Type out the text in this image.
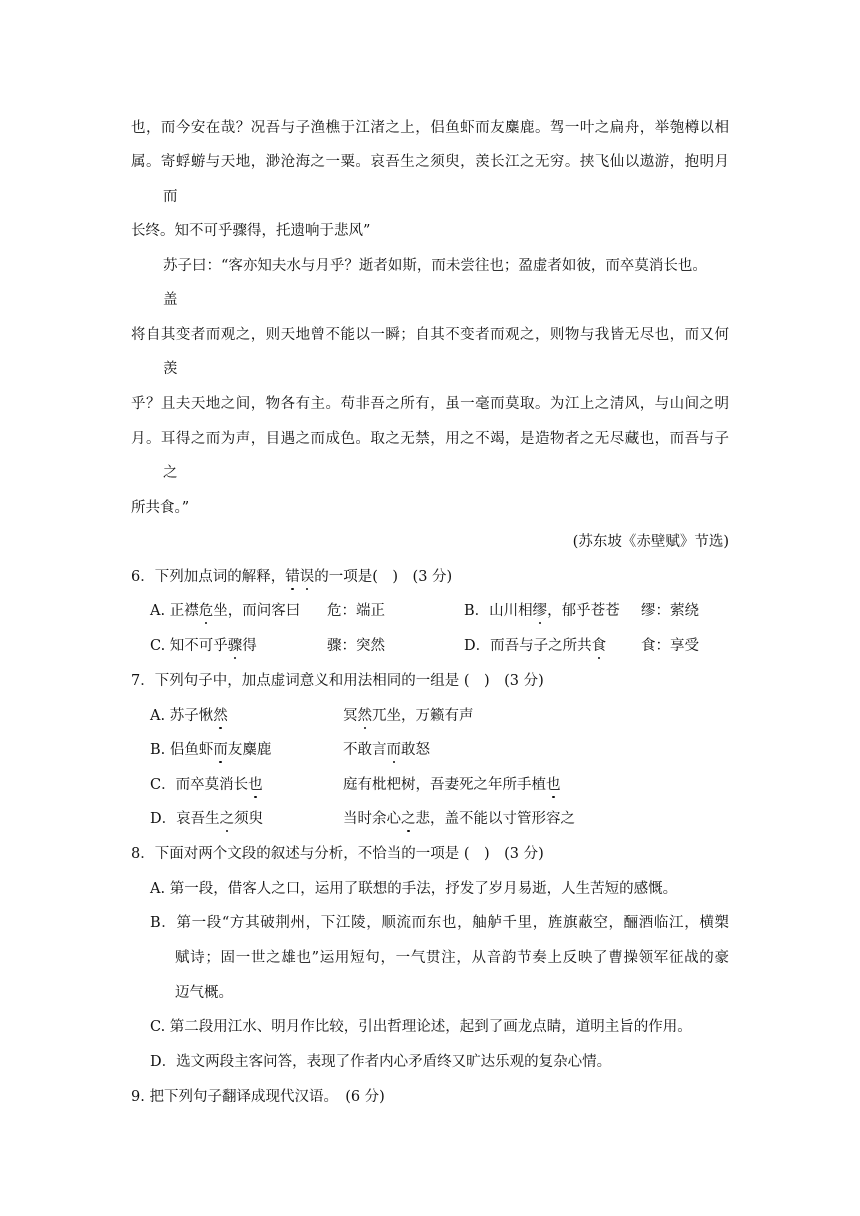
也，而今安在哉？况吾与子渔樵于江渚之上，侣鱼虾而友麋鹿。驾一叶之扁舟，举匏樽以相
属。寄蜉蝣与天地，渺沧海之一粟。哀吾生之须臾，羡长江之无穷。挟飞仙以遨游，抱明月
而
长终。知不可乎骤得，托遗响于悲风”
苏子曰：“客亦知夫水与月乎？逝者如斯，而未尝往也；盈虚者如彼，而卒莫消长也。
盖
将自其变者而观之，则天地曾不能以一瞬；自其不变者而观之，则物与我皆无尽也，而又何
羡
乎？且夫天地之间，物各有主。苟非吾之所有，虽一毫而莫取。为江上之清风，与山间之明
月。耳得之而为声，目遇之而成色。取之无禁，用之不竭，是造物者之无尽藏也，而吾与子
之
所共食。”
(苏东坡《赤壁赋》节选)
6．下列加点词的解释，错误的一项是(　)　(3 分)
A. 正襟危坐，而问客曰 危：端正	B．山川相缪，郁乎苍苍 缪：萦绕
C. 知不可乎骤得	骤：突然	D．而吾与子之所共食 食：享受
7．下列句子中，加点虚词意义和用法相同的一组是 (　)　(3 分)
A. 苏子愀然	冥然兀坐，万籁有声
B. 侣鱼虾而友麋鹿	不敢言而敢怒
C．而卒莫消长也	庭有枇杷树，吾妻死之年所手植也
D．哀吾生之须臾	当时余心之悲，盖不能以寸管形容之
8．下面对两个文段的叙述与分析，不恰当的一项是 (　)　(3 分)
A. 第一段，借客人之口，运用了联想的手法，抒发了岁月易逝，人生苦短的感慨。
B．第一段“方其破荆州，下江陵，顺流而东也，舳舻千里，旌旗蔽空，酾酒临江，横槊
赋诗；固一世之雄也”运用短句，一气贯注，从音韵节奏上反映了曹操领军征战的豪
迈气概。
C. 第二段用江水、明月作比较，引出哲理论述，起到了画龙点睛，道明主旨的作用。
D．选文两段主客问答，表现了作者内心矛盾终又旷达乐观的复杂心情。
9. 把下列句子翻译成现代汉语。　(6 分)
